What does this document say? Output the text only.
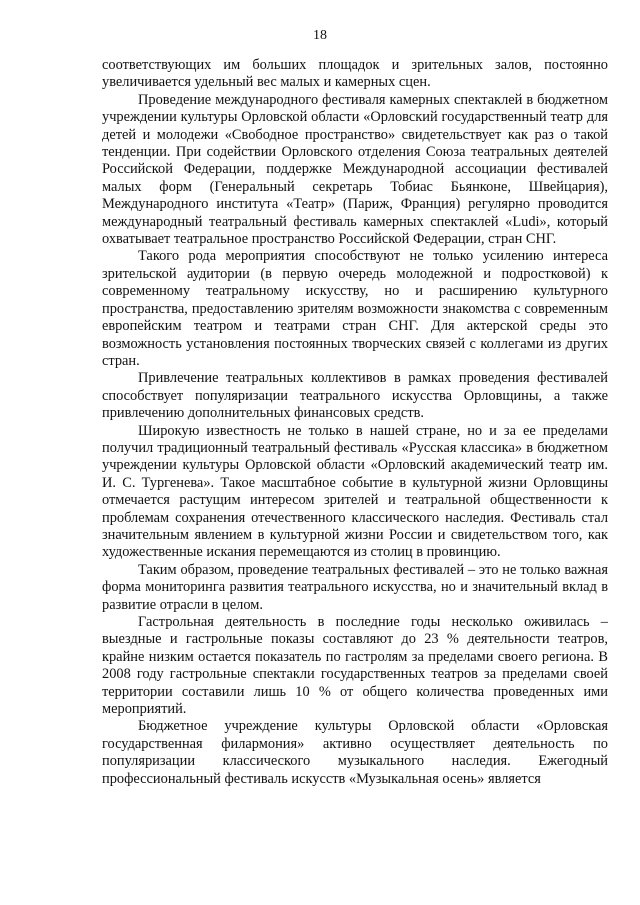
18

соответствующих им больших площадок и зрительных залов, постоянно увеличивается удельный вес малых и камерных сцен.

Проведение международного фестиваля камерных спектаклей в бюджетном учреждении культуры Орловской области «Орловский государственный театр для детей и молодежи «Свободное пространство» свидетельствует как раз о такой тенденции. При содействии Орловского отделения Союза театральных деятелей Российской Федерации, поддержке Международной ассоциации фестивалей малых форм (Генеральный секретарь Тобиас Бьянконе, Швейцария), Международного института «Театр» (Париж, Франция) регулярно проводится международный театральный фестиваль камерных спектаклей «Ludi», который охватывает театральное пространство Российской Федерации, стран СНГ.

Такого рода мероприятия способствуют не только усилению интереса зрительской аудитории (в первую очередь молодежной и подростковой) к современному театральному искусству, но и расширению культурного пространства, предоставлению зрителям возможности знакомства с современным европейским театром и театрами стран СНГ. Для актерской среды это возможность установления постоянных творческих связей с коллегами из других стран.

Привлечение театральных коллективов в рамках проведения фестивалей способствует популяризации театрального искусства Орловщины, а также привлечению дополнительных финансовых средств.

Широкую известность не только в нашей стране, но и за ее пределами получил традиционный театральный фестиваль «Русская классика» в бюджетном учреждении культуры Орловской области «Орловский академический театр им. И. С. Тургенева». Такое масштабное событие в культурной жизни Орловщины отмечается растущим интересом зрителей и театральной общественности к проблемам сохранения отечественного классического наследия. Фестиваль стал значительным явлением в культурной жизни России и свидетельством того, как художественные искания перемещаются из столиц в провинцию.

Таким образом, проведение театральных фестивалей – это не только важная форма мониторинга развития театрального искусства, но и значительный вклад в развитие отрасли в целом.

Гастрольная деятельность в последние годы несколько оживилась – выездные и гастрольные показы составляют до 23 % деятельности театров, крайне низким остается показатель по гастролям за пределами своего региона. В 2008 году гастрольные спектакли государственных театров за пределами своей территории составили лишь 10 % от общего количества проведенных ими мероприятий.

Бюджетное учреждение культуры Орловской области «Орловская государственная филармония» активно осуществляет деятельность по популяризации классического музыкального наследия. Ежегодный профессиональный фестиваль искусств «Музыкальная осень» является
